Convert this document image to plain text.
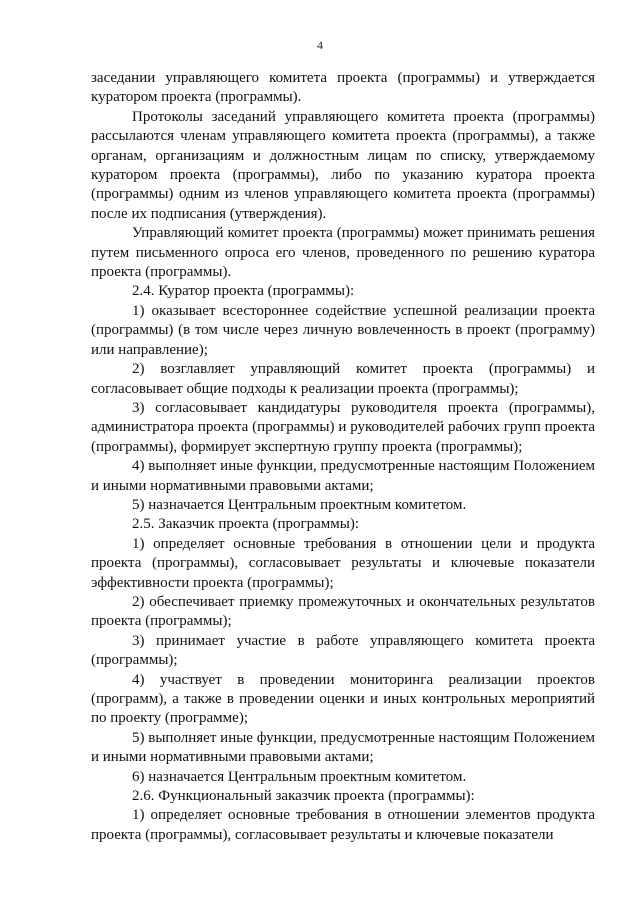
4

заседании управляющего комитета проекта (программы) и утверждается куратором проекта (программы).

Протоколы заседаний управляющего комитета проекта (программы) рассылаются членам управляющего комитета проекта (программы), а также органам, организациям и должностным лицам по списку, утверждаемому куратором проекта (программы), либо по указанию куратора проекта (программы) одним из членов управляющего комитета проекта (программы) после их подписания (утверждения).

Управляющий комитет проекта (программы) может принимать решения путем письменного опроса его членов, проведенного по решению куратора проекта (программы).

2.4. Куратор проекта (программы):

1) оказывает всестороннее содействие успешной реализации проекта (программы) (в том числе через личную вовлеченность в проект (программу) или направление);

2) возглавляет управляющий комитет проекта (программы) и согласовывает общие подходы к реализации проекта (программы);

3) согласовывает кандидатуры руководителя проекта (программы), администратора проекта (программы) и руководителей рабочих групп проекта (программы), формирует экспертную группу проекта (программы);

4) выполняет иные функции, предусмотренные настоящим Положением и иными нормативными правовыми актами;

5) назначается Центральным проектным комитетом.

2.5. Заказчик проекта (программы):

1) определяет основные требования в отношении цели и продукта проекта (программы), согласовывает результаты и ключевые показатели эффективности проекта (программы);

2) обеспечивает приемку промежуточных и окончательных результатов проекта (программы);

3) принимает участие в работе управляющего комитета проекта (программы);

4) участвует в проведении мониторинга реализации проектов (программ), а также в проведении оценки и иных контрольных мероприятий по проекту (программе);

5) выполняет иные функции, предусмотренные настоящим Положением и иными нормативными правовыми актами;

6) назначается Центральным проектным комитетом.

2.6. Функциональный заказчик проекта (программы):

1) определяет основные требования в отношении элементов продукта проекта (программы), согласовывает результаты и ключевые показатели
